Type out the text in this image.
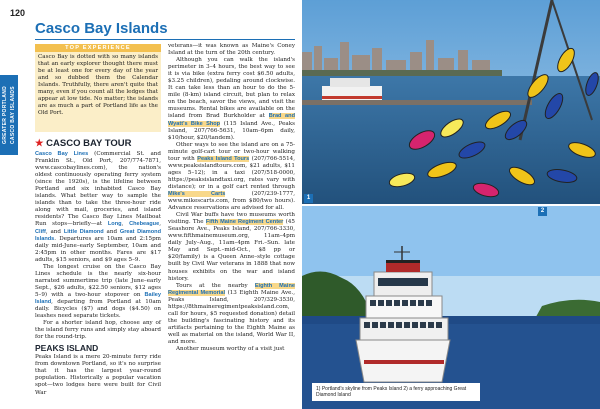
120
GREATER PORTLAND CASCO BAY ISLANDS
Casco Bay Islands
TOP EXPERIENCE
Casco Bay is dotted with so many islands that an early explorer thought there must be at least one for every day of the year and so dubbed them the Calendar Islands. Truthfully, there aren't quite that many, even if you count all the ledges that appear at low tide. No matter; the islands are as much a part of Portland life as the Old Port.
★ CASCO BAY TOUR

Casco Bay Lines (Commercial St. and Franklin St., Old Port, 207/774-7871, www.cascobaylines.com), the nation's oldest continuously operating ferry system (since the 1920s), is the lifeline between Portland and six inhabited Casco Bay islands. What better way to sample the islands than to take the three-hour ride along with mail, groceries, and island residents? The Casco Bay Lines Mailboat Run stops—briefly—at Long, Chebeague, Cliff, and Little Diamond and Great Diamond Islands. Departures are 10am and 2:15pm daily mid-June–early September, 10am and 2:45pm in other months. Fares are $17 adults, $15 seniors, and $9 ages 5–9.

The longest cruise on the Casco Bay Lines schedule is the nearly six-hour narrated summertime trip (late June–early Sept., $26 adults, $22.50 seniors, $12 ages 5–9) with a two-hour stopover on Bailey Island, departing from Portland at 10am daily. Bicycles ($7) and dogs ($4.50) on leashes need separate tickets.

For a shorter island hop, choose any of the island ferry runs and simply stay aboard for the round-trip.

PEAKS ISLAND

Peaks Island is a mere 20-minute ferry ride from downtown Portland, so it's no surprise that it has the largest year-round population. Historically a popular vacation spot—two lodges here were built for Civil War

veterans—it was known as Maine's Coney Island at the turn of the 20th century.

Although you can walk the island's perimeter in 3–4 hours, the best way to see it is via bike (extra ferry cost $6.50 adults, $3.25 children), pedaling around clockwise. It can take less than an hour to do the 5-mile (8-km) island circuit, but plan to relax on the beach, savor the views, and visit the museums. Rental bikes are available on the island from Brad Burkholder at Brad and Wyatt's Bike Shop (115 Island Ave., Peaks Island, 207/766-5631, 10am–6pm daily, $10/hour, $20/tandem).

Other ways to see the island are on a 75-minute golf-cart tour or two-hour walking tour with Peaks Island Tours (207/766-5514, www.peaksislandtours.com, $21 adults, $11 ages 5–12); in a taxi (207/518-0000, https://peaksislandtaxi.org, rates vary with distance); or in a golf cart rented through Mike's Carts (207/239-1777, www.mikescarts.com, from $80/two hours). Advance reservations are advised for all.

Civil War buffs have two museums worth visiting. The Fifth Maine Regiment Center (45 Seashore Ave., Peaks Island, 207/766-3330, www.fifthmainemuseum.org, 11am–4pm daily July–Aug., 11am–4pm Fri.–Sun. late May and Sept.–mid-Oct., $8 pp or $20/family) is a Queen Anne–style cottage built by Civil War veterans in 1888 that now houses exhibits on the war and island history.

Tours at the nearby Eighth Maine Regimental Memorial (13 Eighth Maine Ave., Peaks Island, 207/329-3530, https://8thmaineregimentpeaksisland.com, call for hours, $5 requested donation) detail the building's fascinating history and its artifacts pertaining to the Eighth Maine as well as material on the island, World War II, and more.

Another museum worthy of a visit just

1
2
1) Portland's skyline from Peaks Island 2) a ferry approaching Great Diamond Island
